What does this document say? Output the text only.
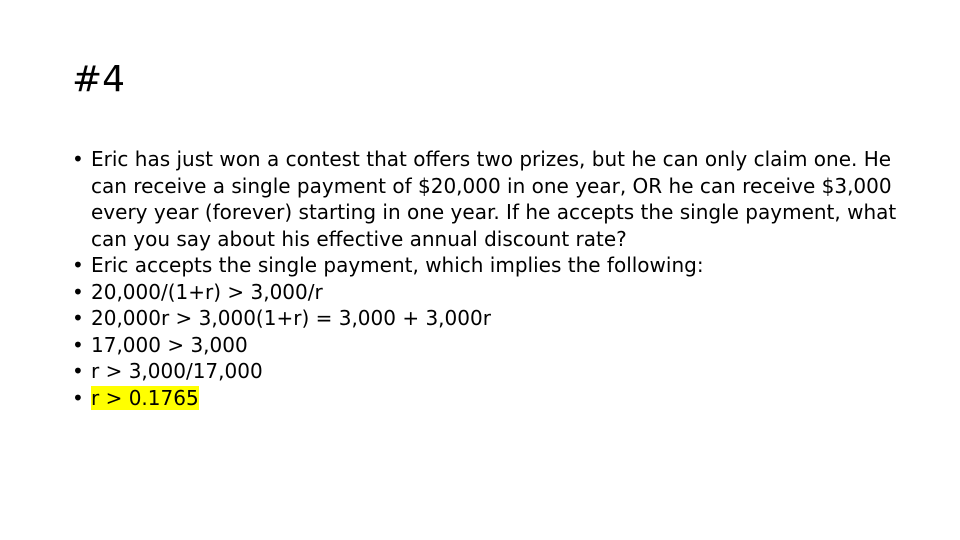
#4
• Eric has just won a contest that offers two prizes, but he can only claim one. He can receive a single payment of $20,000 in one year, OR he can receive $3,000 every year (forever) starting in one year. If he accepts the single payment, what can you say about his effective annual discount rate?
• Eric accepts the single payment, which implies the following:
• 20,000/(1+r) > 3,000/r
• 20,000r > 3,000(1+r) = 3,000 + 3,000r
• 17,000 > 3,000
• r > 3,000/17,000
• r > 0.1765
